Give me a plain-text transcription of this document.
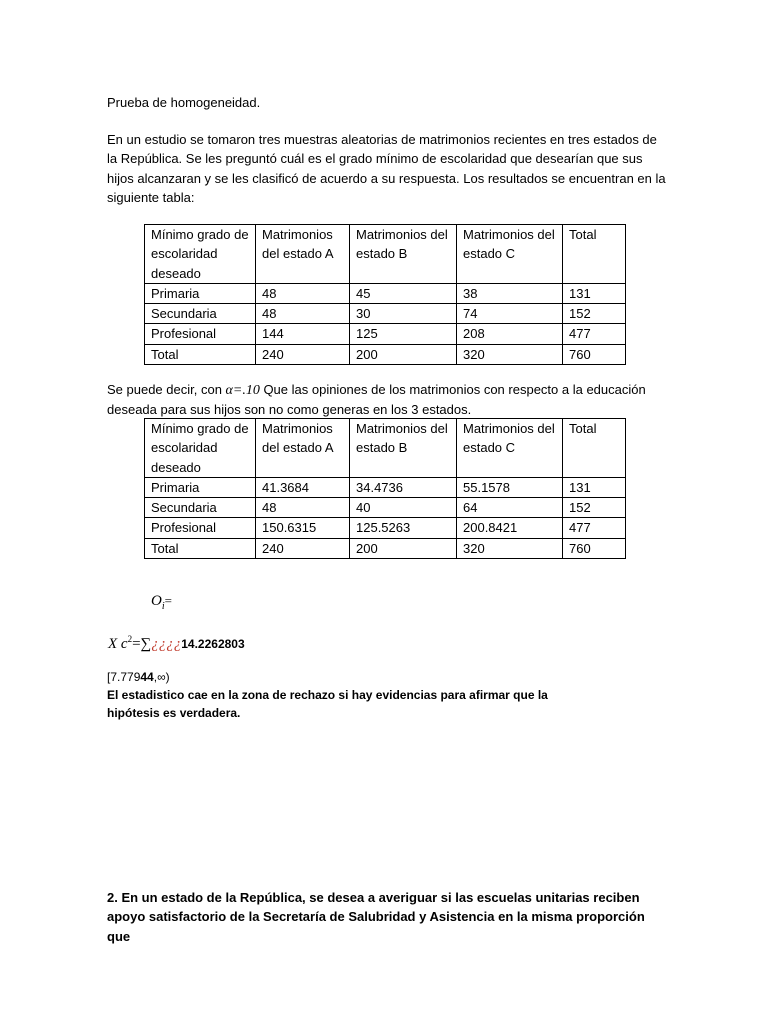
Prueba de homogeneidad.

En un estudio se tomaron tres muestras aleatorias de matrimonios recientes en tres estados de la República. Se les preguntó cuál es el grado mínimo de escolaridad que desearían que sus hijos alcanzaran y se les clasificó de acuerdo a su respuesta. Los resultados se encuentran en la siguiente tabla:

Mínimo grado de escolaridad deseado	Matrimonios del estado A	Matrimonios del estado B	Matrimonios del estado C	Total
Primaria	48	45	38	131
Secundaria	48	30	74	152
Profesional	144	125	208	477
Total	240	200	320	760

Se puede decir, con α=.10 Que las opiniones de los matrimonios con respecto a la educación deseada para sus hijos son no como generas en los 3 estados.

Mínimo grado de escolaridad deseado	Matrimonios del estado A	Matrimonios del estado B	Matrimonios del estado C	Total
Primaria	41.3684	34.4736	55.1578	131
Secundaria	48	40	64	152
Profesional	150.6315	125.5263	200.8421	477
Total	240	200	320	760
$O_i=$
X $c^2=\sum¿¿¿¿14.2262803$
[7.77944,∞)

El estadistico cae en la zona de rechazo si hay evidencias para afirmar que la hipótesis es verdadera.

2. En un estado de la República, se desea a averiguar si las escuelas unitarias reciben apoyo satisfactorio de la Secretaría de Salubridad y Asistencia en la misma proporción que
